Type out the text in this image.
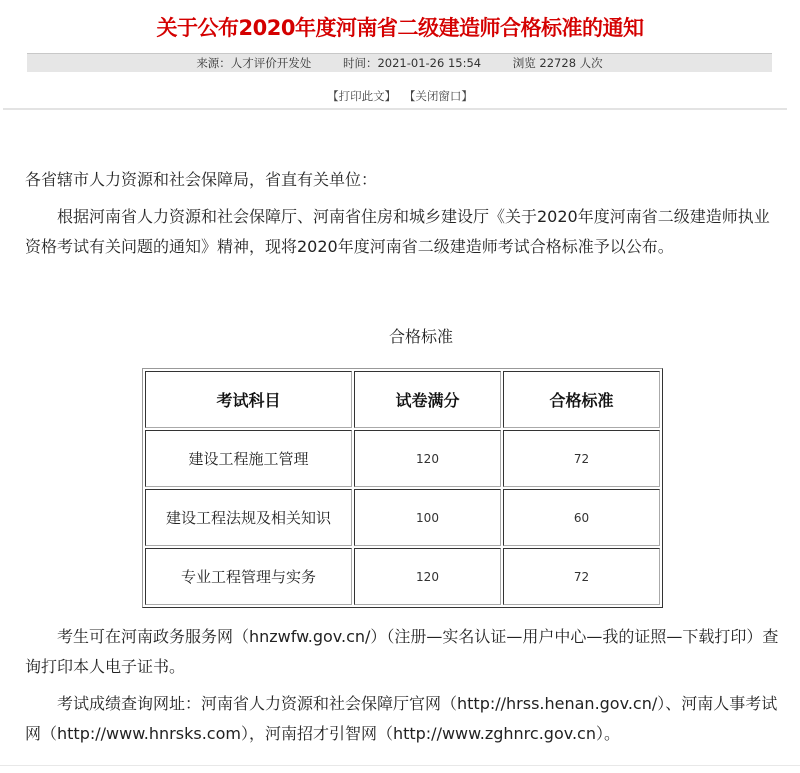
关于公布2020年度河南省二级建造师合格标准的通知
来源：人才评价开发处	时间：2021-01-26 15:54	浏览 22728 人次
【打印此文】 【关闭窗口】

各省辖市人力资源和社会保障局，省直有关单位：

根据河南省人力资源和社会保障厅、河南省住房和城乡建设厅《关于2020年度河南省二级建造师执业资格考试有关问题的通知》精神，现将2020年度河南省二级建造师考试合格标准予以公布。

合格标准
考试科目	试卷满分	合格标准
建设工程施工管理	120	72
建设工程法规及相关知识	100	60
专业工程管理与实务	120	72

考生可在河南政务服务网（hnzwfw.gov.cn/）（注册—实名认证—用户中心—我的证照—下载打印）查询打印本人电子证书。

考试成绩查询网址：河南省人力资源和社会保障厅官网（http://hrss.henan.gov.cn/）、河南人事考试网（http://www.hnrsks.com），河南招才引智网（http://www.zghnrc.gov.cn）。
